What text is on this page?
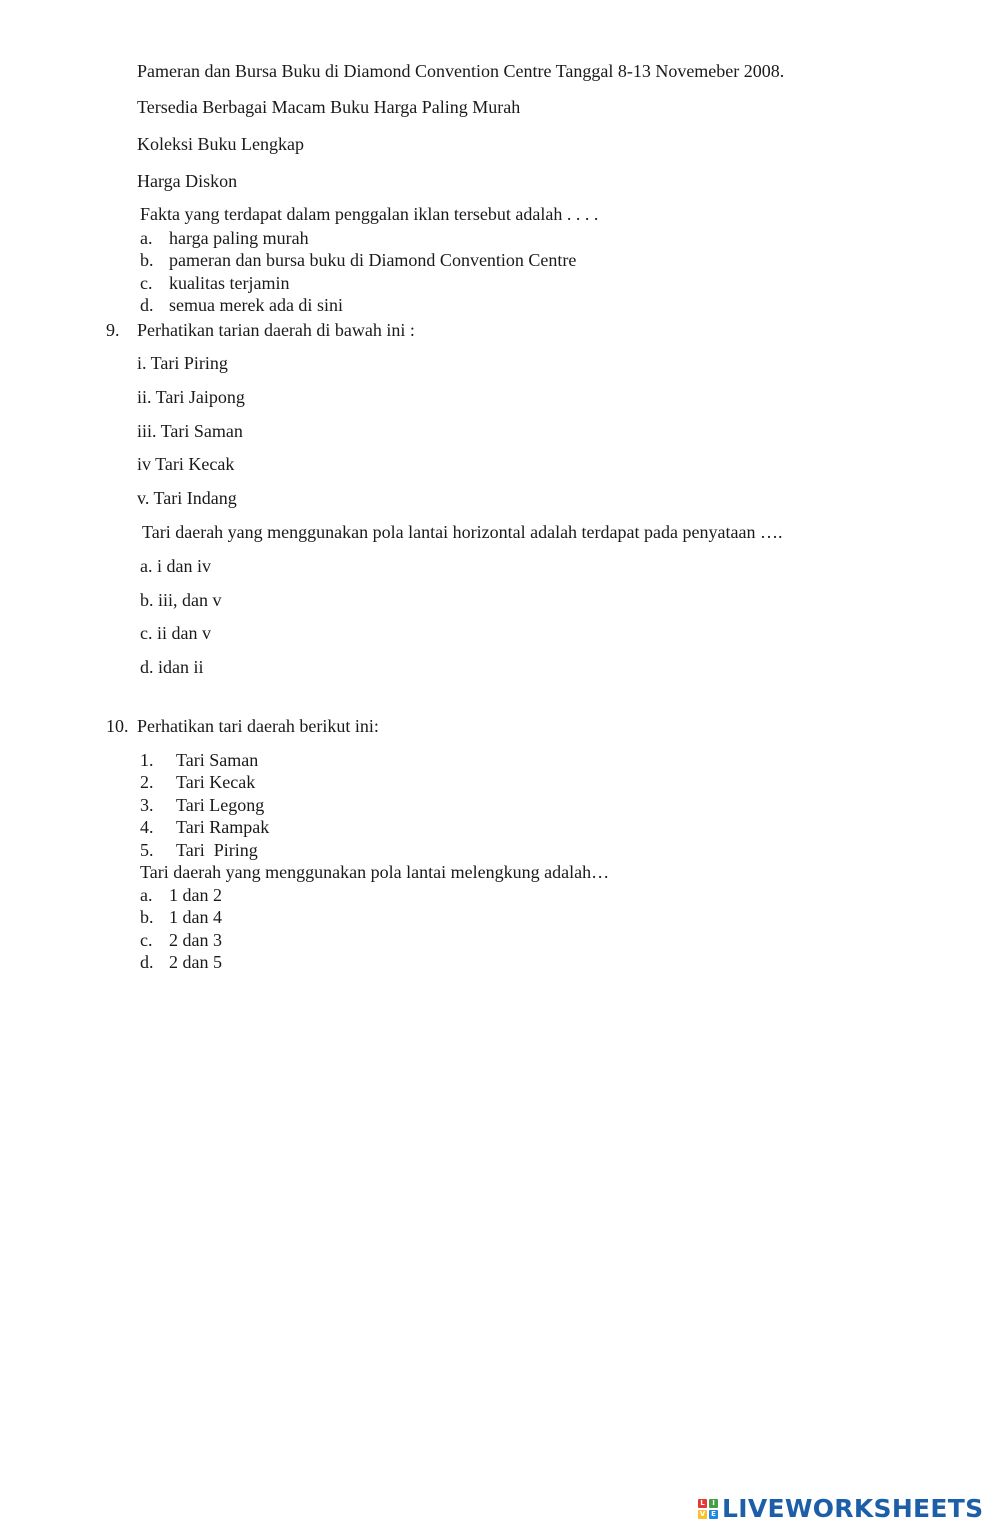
Pameran dan Bursa Buku di Diamond Convention Centre Tanggal 8-13 Novemeber 2008.
Tersedia Berbagai Macam Buku Harga Paling Murah
Koleksi Buku Lengkap
Harga Diskon
Fakta yang terdapat dalam penggalan iklan tersebut adalah . . . .
a. harga paling murah
b. pameran dan bursa buku di Diamond Convention Centre
c. kualitas terjamin
d. semua merek ada di sini
9. Perhatikan tarian daerah di bawah ini :
i. Tari Piring
ii. Tari Jaipong
iii. Tari Saman
iv Tari Kecak
v. Tari Indang
Tari daerah yang menggunakan pola lantai horizontal adalah terdapat pada penyataan ….
a. i dan iv
b. iii, dan v
c. ii dan v
d. idan ii
10. Perhatikan tari daerah berikut ini:
1. Tari Saman
2. Tari Kecak
3. Tari Legong
4. Tari Rampak
5. Tari  Piring
Tari daerah yang menggunakan pola lantai melengkung adalah…
a. 1 dan 2
b. 1 dan 4
c. 2 dan 3
d. 2 dan 5
L	I
V E LIVEWORKSHEETS
